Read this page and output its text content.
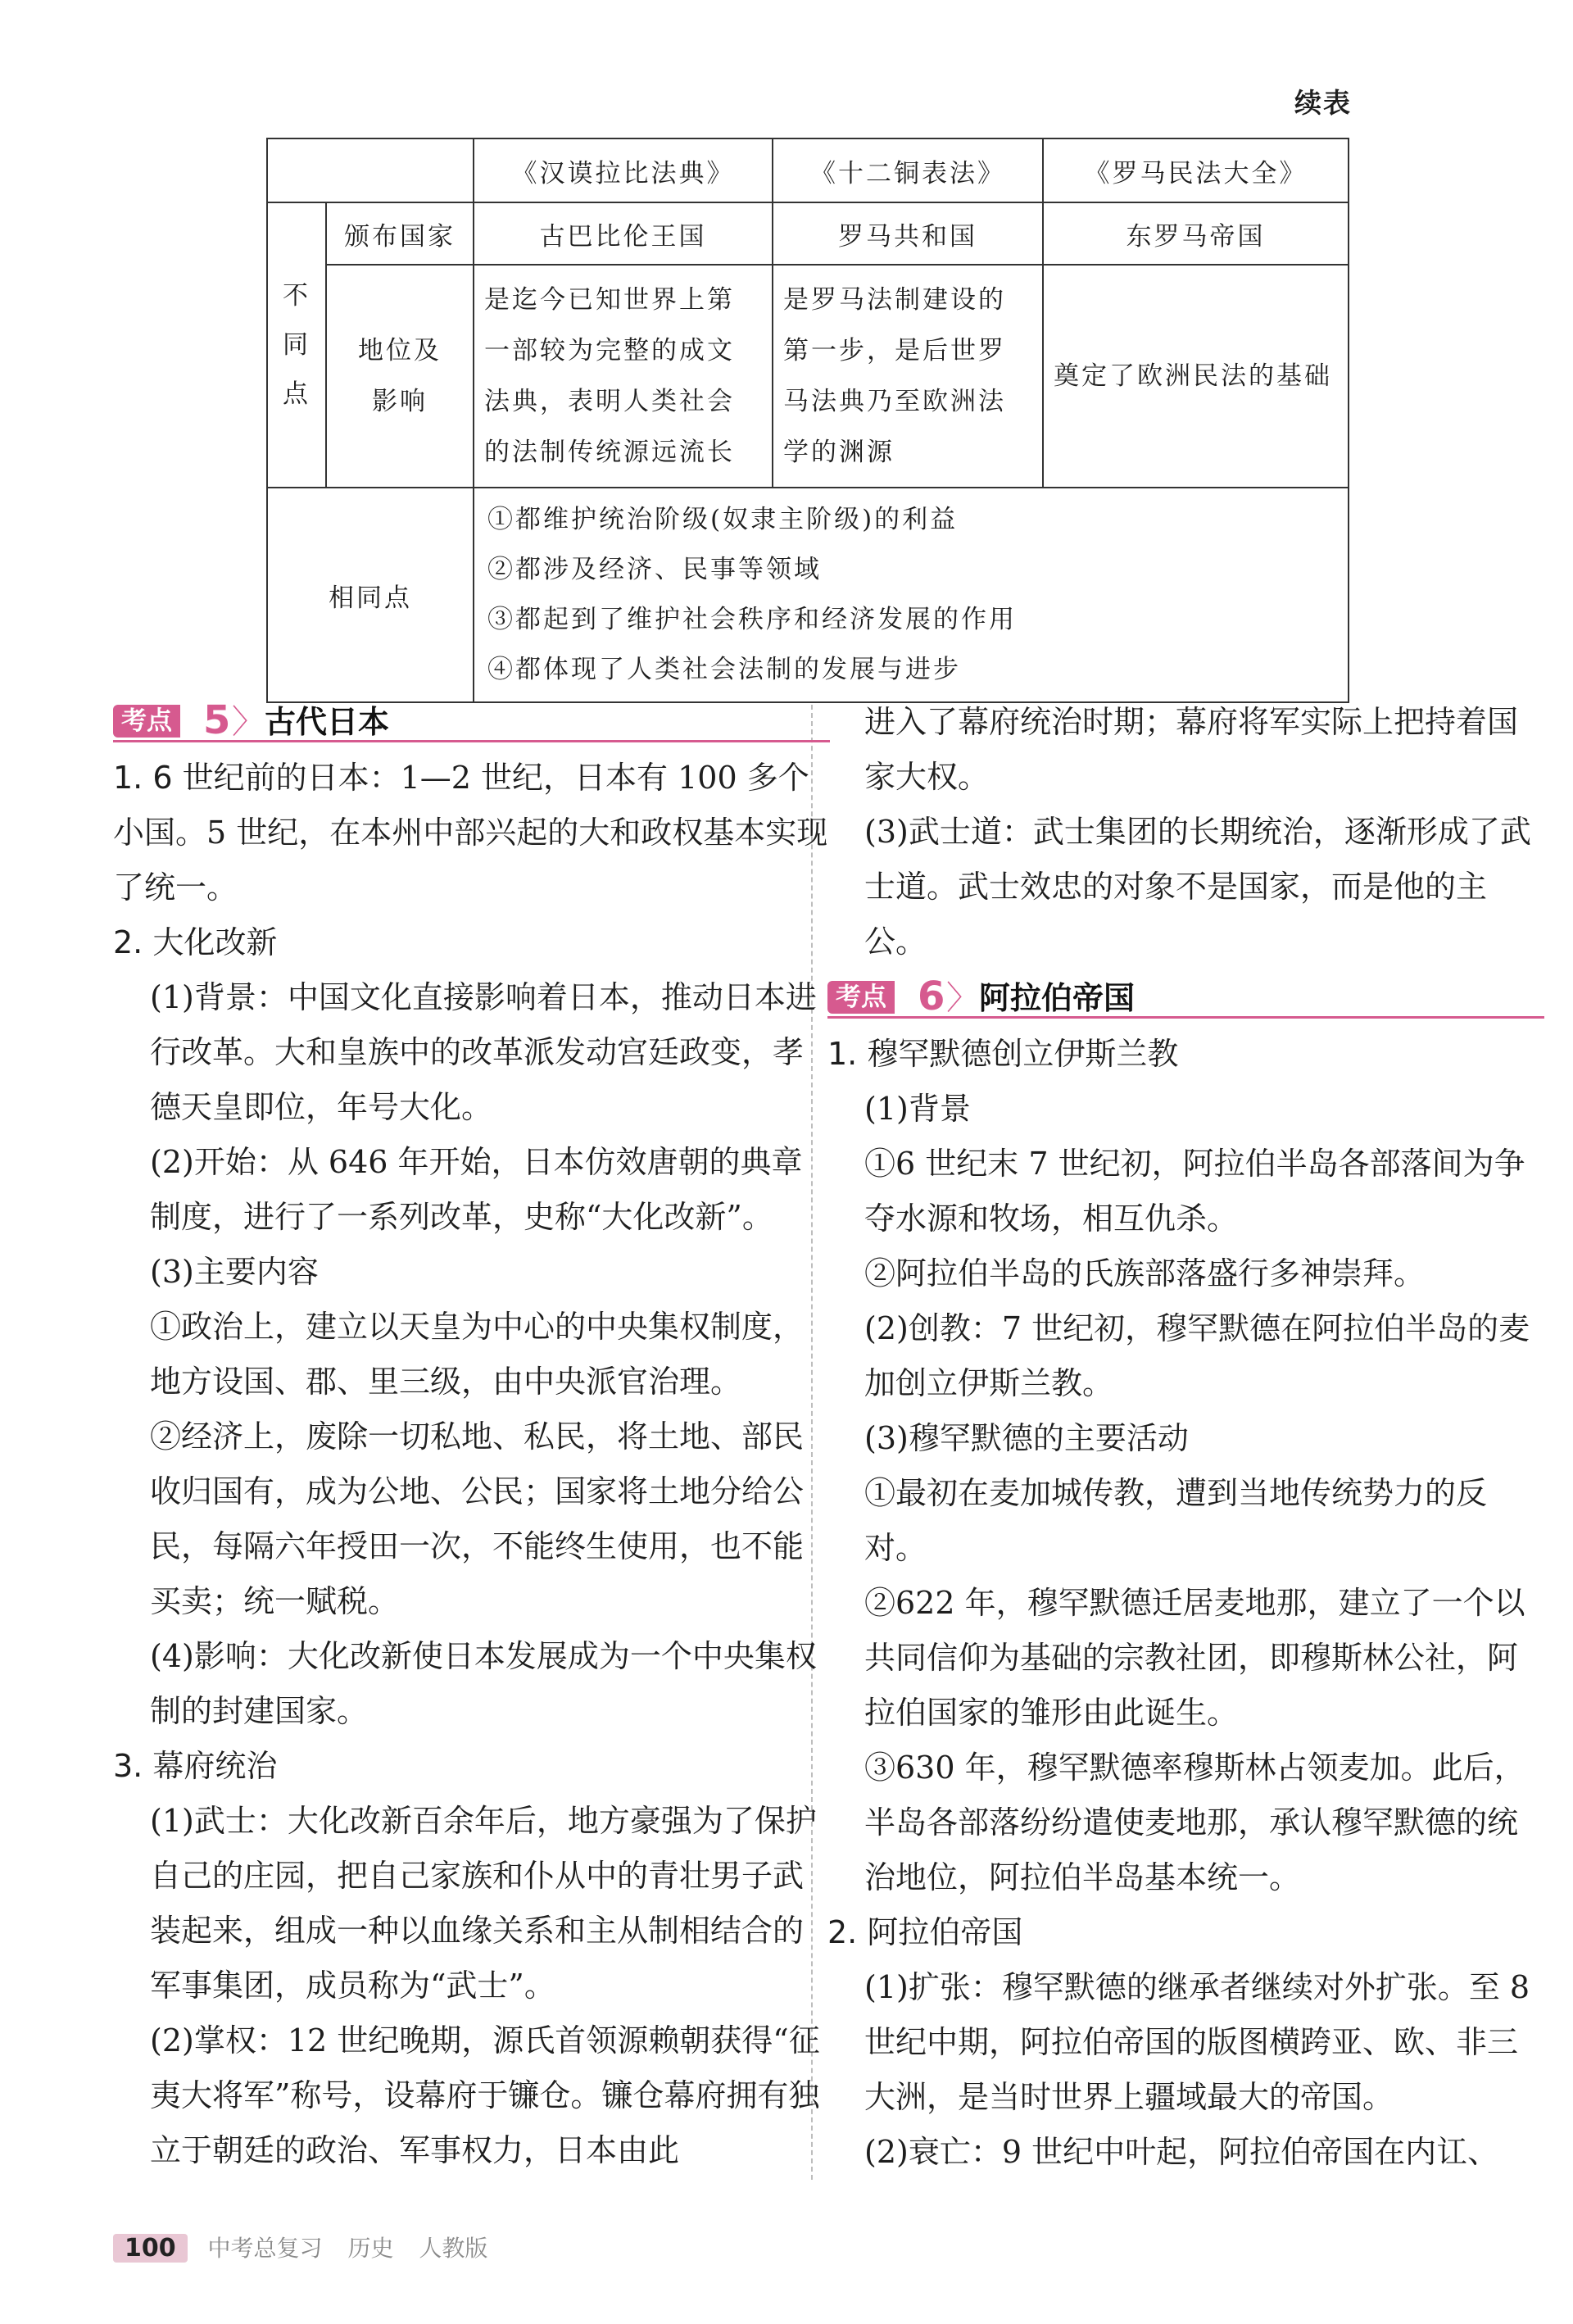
续表
		《汉谟拉比法典》	《十二铜表法》	《罗马民法大全》

不
同
点	颁布国家	古巴比伦王国	罗马共和国	东罗马帝国

	地位及
影响	是迄今已知世界上第一部较为完整的成文法典，表明人类社会的法制传统源远流长	是罗马法制建设的第一步，是后世罗马法典乃至欧洲法学的渊源	奠定了欧洲民法的基础
相同点		①都维护统治阶级(奴隶主阶级)的利益
②都涉及经济、民事等领域
③都起到了维护社会秩序和经济发展的作用
④都体现了人类社会法制的发展与进步		
考点 5 〉 古代日本
1. 6 世纪前的日本：1—2 世纪，日本有 100 多个小国。5 世纪，在本州中部兴起的大和政权基本实现了统一。
2. 大化改新
(1)背景：中国文化直接影响着日本，推动日本进行改革。大和皇族中的改革派发动宫廷政变，孝德天皇即位，年号大化。
(2)开始：从 646 年开始，日本仿效唐朝的典章制度，进行了一系列改革，史称“大化改新”。
(3)主要内容
①政治上，建立以天皇为中心的中央集权制度，地方设国、郡、里三级，由中央派官治理。
②经济上，废除一切私地、私民，将土地、部民收归国有，成为公地、公民；国家将土地分给公民，每隔六年授田一次，不能终生使用，也不能买卖；统一赋税。
(4)影响：大化改新使日本发展成为一个中央集权制的封建国家。
3. 幕府统治
(1)武士：大化改新百余年后，地方豪强为了保护自己的庄园，把自己家族和仆从中的青壮男子武装起来，组成一种以血缘关系和主从制相结合的军事集团，成员称为“武士”。
(2)掌权：12 世纪晚期，源氏首领源赖朝获得“征夷大将军”称号，设幕府于镰仓。镰仓幕府拥有独立于朝廷的政治、军事权力，日本由此
进入了幕府统治时期；幕府将军实际上把持着国家大权。
(3)武士道：武士集团的长期统治，逐渐形成了武士道。武士效忠的对象不是国家，而是他的主公。
考点 6 〉 阿拉伯帝国
1. 穆罕默德创立伊斯兰教
(1)背景
①6 世纪末 7 世纪初，阿拉伯半岛各部落间为争夺水源和牧场，相互仇杀。
②阿拉伯半岛的氏族部落盛行多神崇拜。
(2)创教：7 世纪初，穆罕默德在阿拉伯半岛的麦加创立伊斯兰教。
(3)穆罕默德的主要活动
①最初在麦加城传教，遭到当地传统势力的反对。
②622 年，穆罕默德迁居麦地那，建立了一个以共同信仰为基础的宗教社团，即穆斯林公社，阿拉伯国家的雏形由此诞生。
③630 年，穆罕默德率穆斯林占领麦加。此后，半岛各部落纷纷遣使麦地那，承认穆罕默德的统治地位，阿拉伯半岛基本统一。
2. 阿拉伯帝国
(1)扩张：穆罕默德的继承者继续对外扩张。至 8 世纪中期，阿拉伯帝国的版图横跨亚、欧、非三大洲，是当时世界上疆域最大的帝国。
(2)衰亡：9 世纪中叶起，阿拉伯帝国在内讧、
100 中考总复习 历史 人教版
